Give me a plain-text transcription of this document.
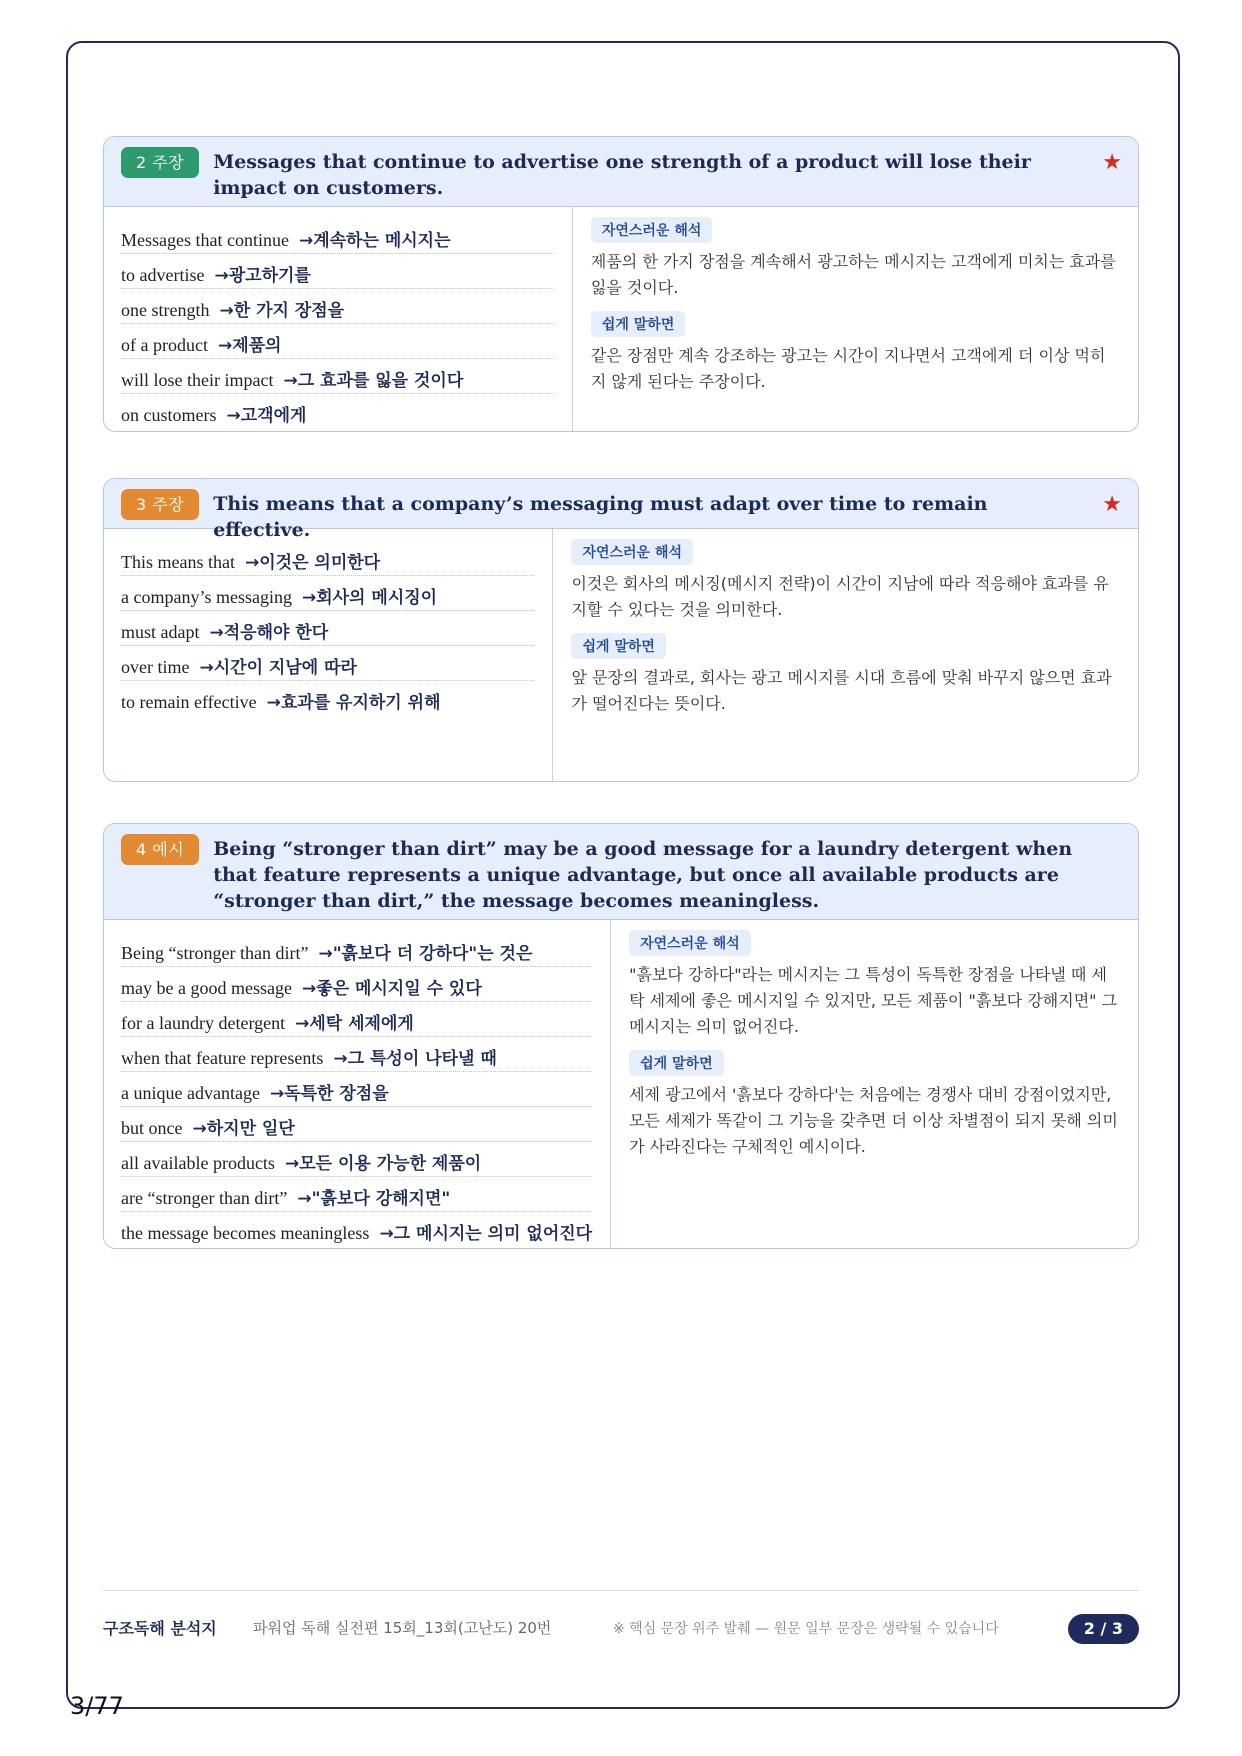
2 주장	Messages that continue to advertise one strength of a product will lose their impact on customers.
★
Messages that continue →계속하는 메시지는
to advertise →광고하기를
one strength →한 가지 장점을
of a product →제품의
will lose their impact →그 효과를 잃을 것이다
on customers →고객에게
자연스러운 해석

제품의 한 가지 장점을 계속해서 광고하는 메시지는 고객에게 미치는 효과를 잃을 것이다.

쉽게 말하면

같은 장점만 계속 강조하는 광고는 시간이 지나면서 고객에게 더 이상 먹히지 않게 된다는 주장이다.

3 주장	This means that a company’s messaging must adapt over time to remain effective.
★
This means that →이것은 의미한다
a company’s messaging →회사의 메시징이
must adapt →적응해야 한다
over time →시간이 지남에 따라
to remain effective →효과를 유지하기 위해
자연스러운 해석

이것은 회사의 메시징(메시지 전략)이 시간이 지남에 따라 적응해야 효과를 유지할 수 있다는 것을 의미한다.

쉽게 말하면

앞 문장의 결과로, 회사는 광고 메시지를 시대 흐름에 맞춰 바꾸지 않으면 효과가 떨어진다는 뜻이다.

4 예시	Being “stronger than dirt” may be a good message for a laundry detergent when that feature represents a unique advantage, but once all available products are “stronger than dirt,” the message becomes meaningless.
Being “stronger than dirt” →"흙보다 더 강하다"는 것은
may be a good message →좋은 메시지일 수 있다
for a laundry detergent →세탁 세제에게
when that feature represents →그 특성이 나타낼 때
a unique advantage →독특한 장점을
but once →하지만 일단
all available products →모든 이용 가능한 제품이
are “stronger than dirt” →"흙보다 강해지면"
the message becomes meaningless →그 메시지는 의미 없어진다
자연스러운 해석

"흙보다 강하다"라는 메시지는 그 특성이 독특한 장점을 나타낼 때 세탁 세제에 좋은 메시지일 수 있지만, 모든 제품이 "흙보다 강해지면" 그 메시지는 의미 없어진다.

쉽게 말하면

세제 광고에서 '흙보다 강하다'는 처음에는 경쟁사 대비 강점이었지만, 모든 세제가 똑같이 그 기능을 갖추면 더 이상 차별점이 되지 못해 의미가 사라진다는 구체적인 예시이다.

구조독해 분석지	파워업 독해 실전편 15회_13회(고난도) 20번	※ 핵심 문장 위주 발췌 — 원문 일부 문장은 생략될 수 있습니다	2 / 3
3/77
